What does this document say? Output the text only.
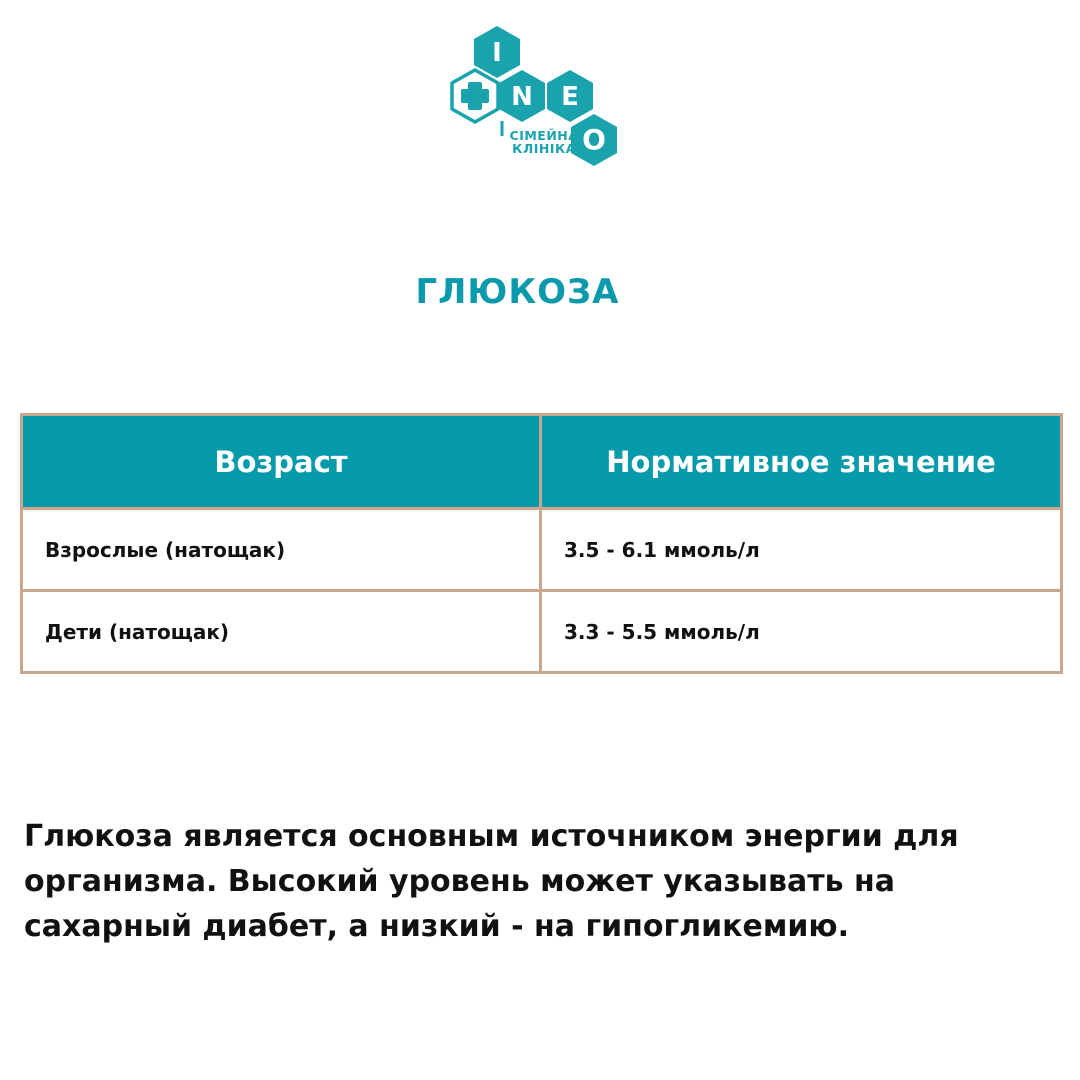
I
N E
O
СІМЕЙНА
КЛІНІКА
ГЛЮКОЗА
Возраст	Нормативное значение
Взрослые (натощак)	3.5 - 6.1 ммоль/л
Дети (натощак)	3.3 - 5.5 ммоль/л

Глюкоза является основным источником энергии для организма. Высокий уровень может указывать на сахарный диабет, а низкий - на гипогликемию.
